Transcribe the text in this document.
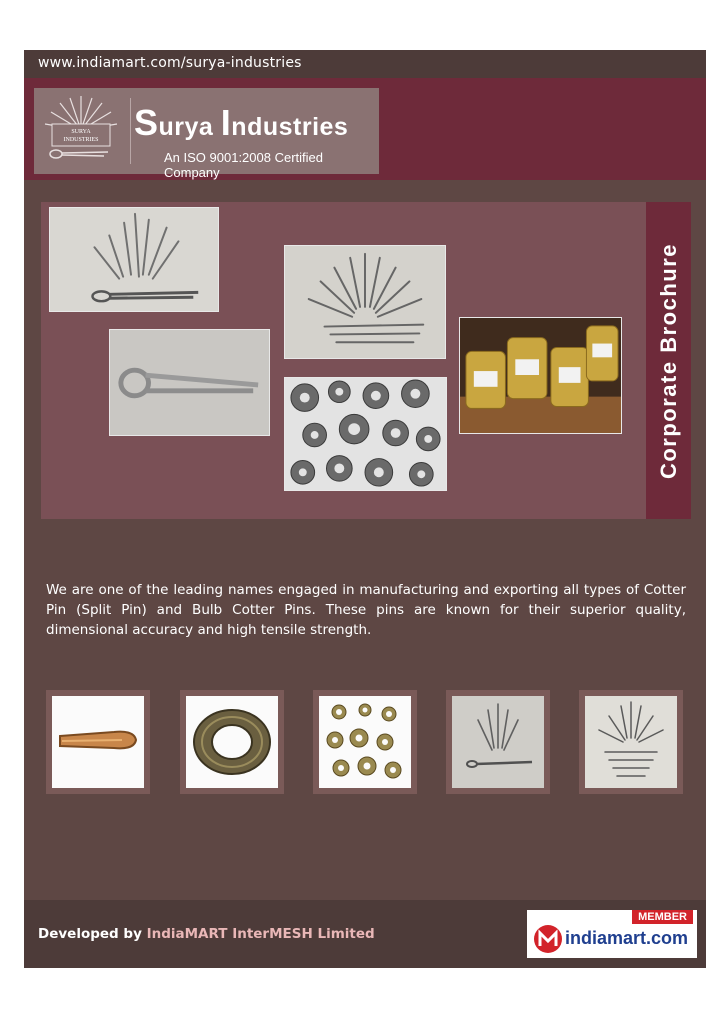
www.indiamart.com/surya-industries
SURYA
INDUSTRIES Surya Industries
An ISO 9001:2008 Certified Company
Corporate Brochure
We are one of the leading names engaged in manufacturing and exporting all types of Cotter Pin (Split Pin) and Bulb Cotter Pins. These pins are known for their superior quality, dimensional accuracy and high tensile strength.
Developed by IndiaMART InterMESH Limited
MEMBER
indiamart.com
